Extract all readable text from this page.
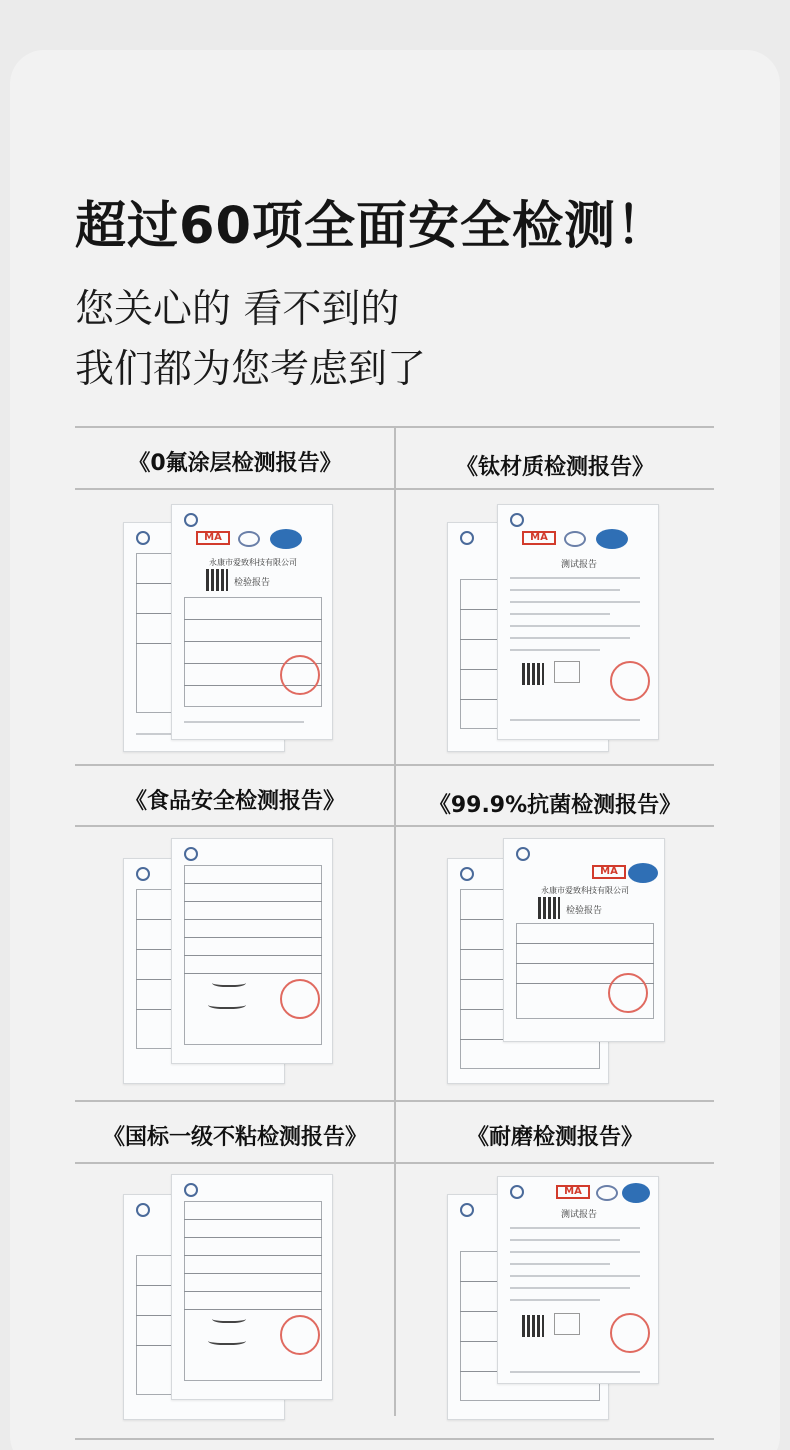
超过60项全面安全检测！
您关心的 看不到的
我们都为您考虑到了
《0氟涂层检测报告》
MA
永康市爱致科技有限公司
检验报告
《钛材质检测报告》
MA
测试报告
《食品安全检测报告》	《99.9%抗菌检测报告》
MA
永康市爱致科技有限公司
检验报告
《国标一级不粘检测报告》	《耐磨检测报告》
MA
测试报告
